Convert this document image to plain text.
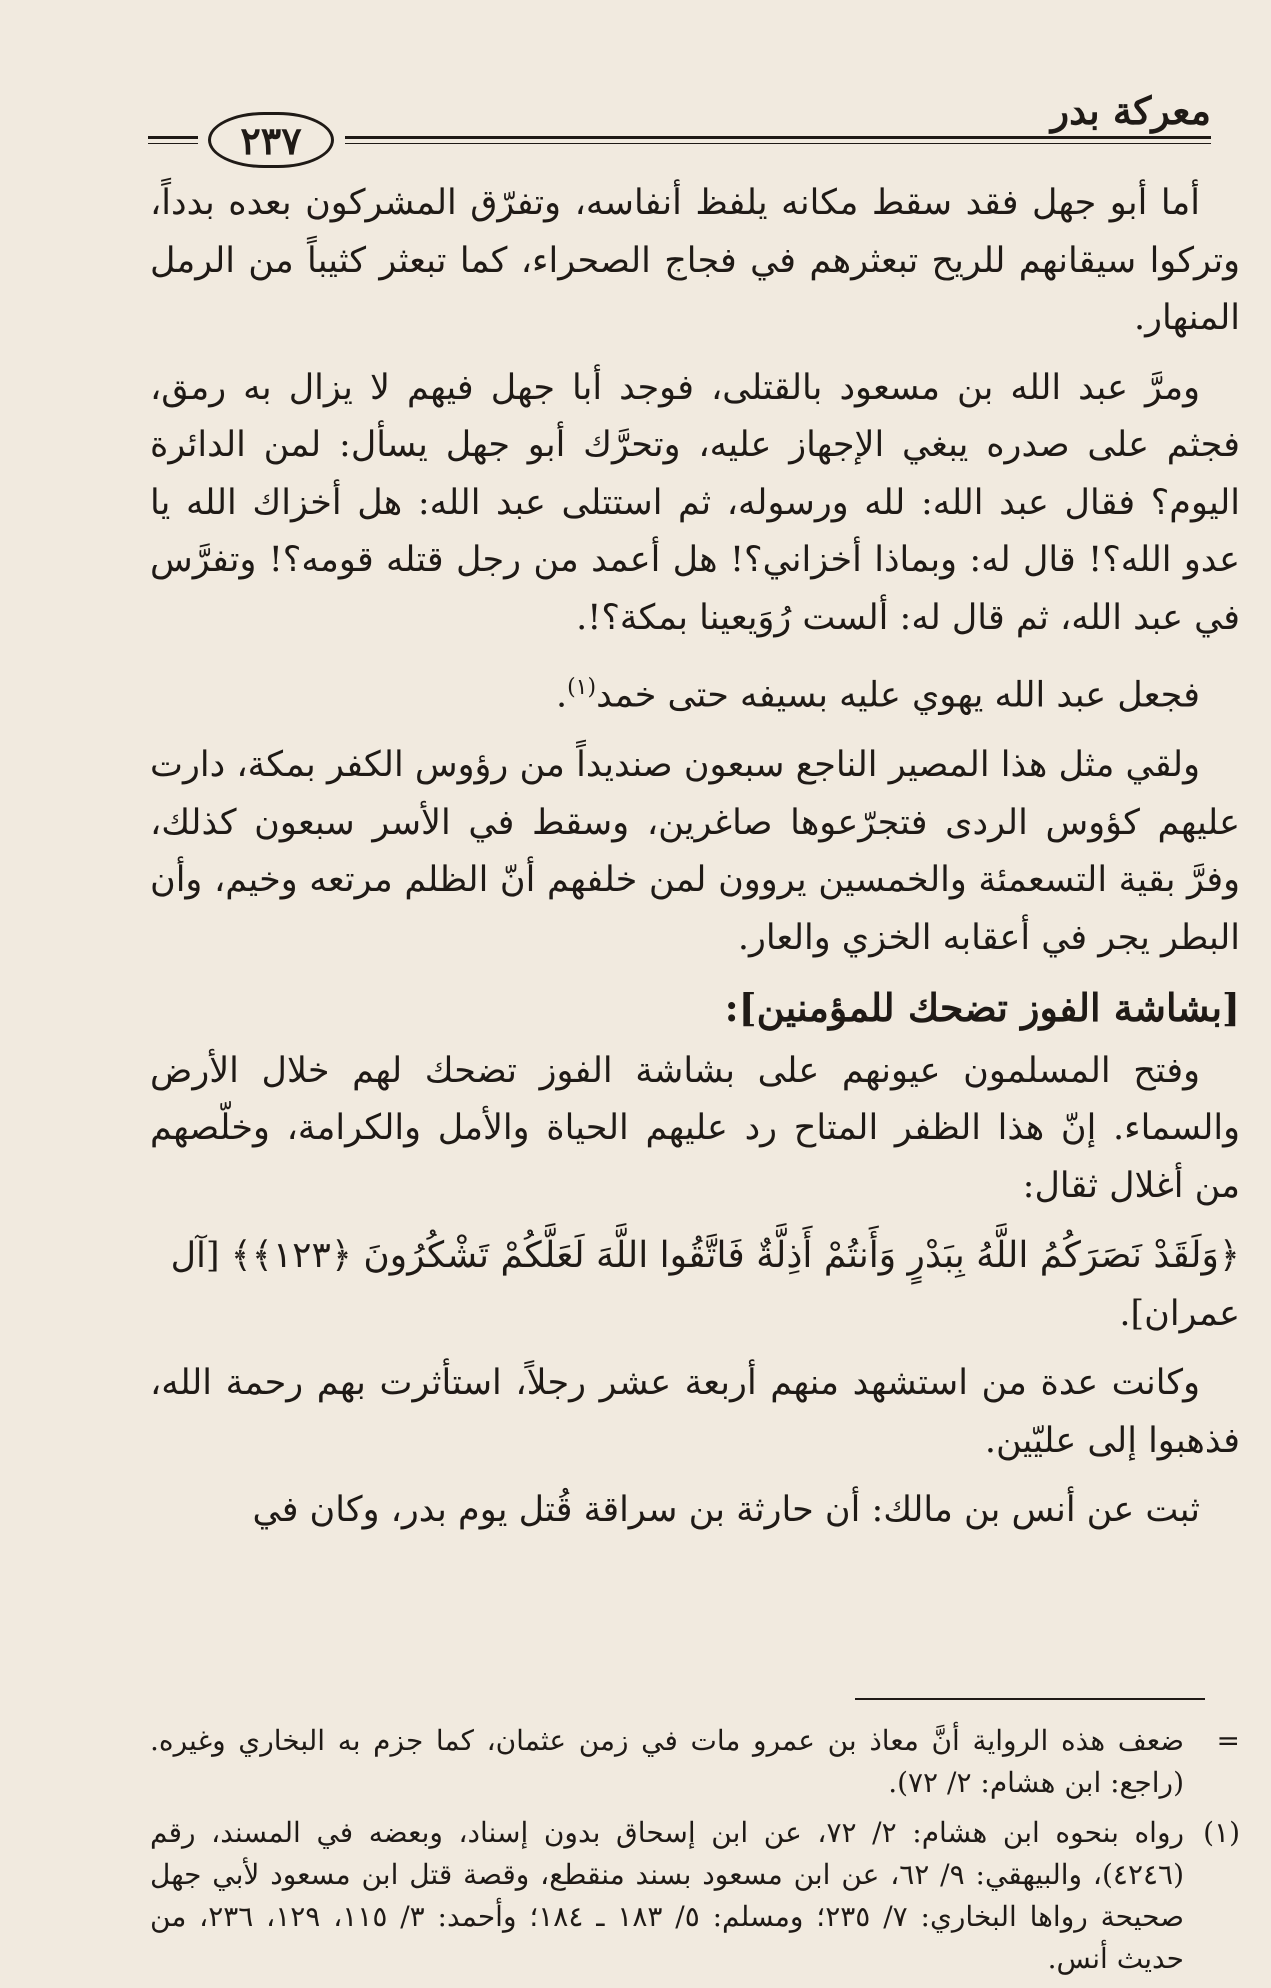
معركة بدر
٢٣٧

أما أبو جهل فقد سقط مكانه يلفظ أنفاسه، وتفرّق المشركون بعده بدداً، وتركوا سيقانهم للريح تبعثرهم في فجاج الصحراء، كما تبعثر كثيباً من الرمل المنهار.

ومرَّ عبد الله بن مسعود بالقتلى، فوجد أبا جهل فيهم لا يزال به رمق، فجثم على صدره يبغي الإجهاز عليه، وتحرَّك أبو جهل يسأل: لمن الدائرة اليوم؟ فقال عبد الله: لله ورسوله، ثم استتلى عبد الله: هل أخزاك الله يا عدو الله؟! قال له: وبماذا أخزاني؟! هل أعمد من رجل قتله قومه؟! وتفرَّس في عبد الله، ثم قال له: ألست رُوَيعينا بمكة؟!.

فجعل عبد الله يهوي عليه بسيفه حتى خمد$^{(١)}$.

ولقي مثل هذا المصير الناجع سبعون صنديداً من رؤوس الكفر بمكة، دارت عليهم كؤوس الردى فتجرّعوها صاغرين، وسقط في الأسر سبعون كذلك، وفرَّ بقية التسعمئة والخمسين يروون لمن خلفهم أنّ الظلم مرتعه وخيم، وأن البطر يجر في أعقابه الخزي والعار.

[بشاشة الفوز تضحك للمؤمنين]:

وفتح المسلمون عيونهم على بشاشة الفوز تضحك لهم خلال الأرض والسماء. إنّ هذا الظفر المتاح رد عليهم الحياة والأمل والكرامة، وخلّصهم من أغلال ثقال:

﴿وَلَقَدْ نَصَرَكُمُ اللَّهُ بِبَدْرٍ وَأَنتُمْ أَذِلَّةٌ فَاتَّقُوا اللَّهَ لَعَلَّكُمْ تَشْكُرُونَ ﴿١٢٣﴾﴾ [آل عمران].

وكانت عدة من استشهد منهم أربعة عشر رجلاً، استأثرت بهم رحمة الله، فذهبوا إلى عليّين.

ثبت عن أنس بن مالك: أن حارثة بن سراقة قُتل يوم بدر، وكان في

=
ضعف هذه الرواية أنَّ معاذ بن عمرو مات في زمن عثمان، كما جزم به البخاري وغيره. (راجع: ابن هشام: ٢/ ٧٢).
(١)
رواه بنحوه ابن هشام: ٢/ ٧٢، عن ابن إسحاق بدون إسناد، وبعضه في المسند، رقم (٤٢٤٦)، والبيهقي: ٩/ ٦٢، عن ابن مسعود بسند منقطع، وقصة قتل ابن مسعود لأبي جهل صحيحة رواها البخاري: ٧/ ٢٣٥؛ ومسلم: ٥/ ١٨٣ ـ ١٨٤؛ وأحمد: ٣/ ١١٥، ١٢٩، ٢٣٦، من حديث أنس.
